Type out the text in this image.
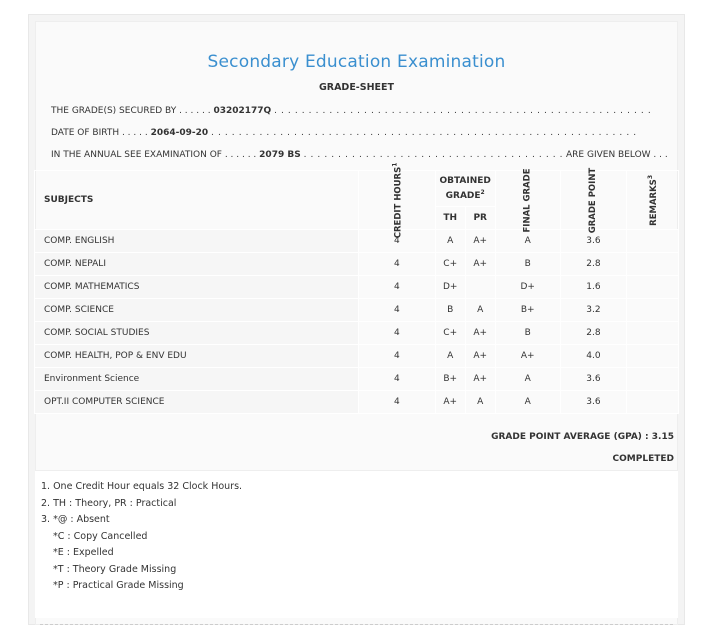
Secondary Education Examination
GRADE-SHEET
THE GRADE(S) SECURED BY . . . . . . 03202177Q . . . . . . . . . . . . . . . . . . . . . . . . . . . . . . . . . . . . . . . . . . . . . . . . . . . . . . .
DATE OF BIRTH . . . . . 2064-09-20 . . . . . . . . . . . . . . . . . . . . . . . . . . . . . . . . . . . . . . . . . . . . . . . . . . . . . . . . . . . . . .
IN THE ANNUAL SEE EXAMINATION OF . . . . . . 2079 BS . . . . . . . . . . . . . . . . . . . . . . . . . . . . . . . . . . . . . . ARE GIVEN BELOW . . .
SUBJECTS	CREDIT HOURS$^1$	OBTAINED GRADE$^2$		FINAL GRADE	GRADE POINT	REMARKS$^3$

		TH	PR			
COMP. ENGLISH	4	A	A+	A	3.6	
COMP. NEPALI	4	C+	A+	B	2.8	
COMP. MATHEMATICS	4	D+		D+	1.6	
COMP. SCIENCE	4	B	A	B+	3.2	
COMP. SOCIAL STUDIES	4	C+	A+	B	2.8	
COMP. HEALTH, POP & ENV EDU	4	A	A+	A+	4.0	
Environment Science	4	B+	A+	A	3.6	
OPT.II COMPUTER SCIENCE	4	A+	A	A	3.6	
GRADE POINT AVERAGE (GPA) : 3.15
COMPLETED
1. One Credit Hour equals 32 Clock Hours.
2. TH : Theory, PR : Practical
3. *@ : Absent
*C : Copy Cancelled
*E : Expelled
*T : Theory Grade Missing
*P : Practical Grade Missing
